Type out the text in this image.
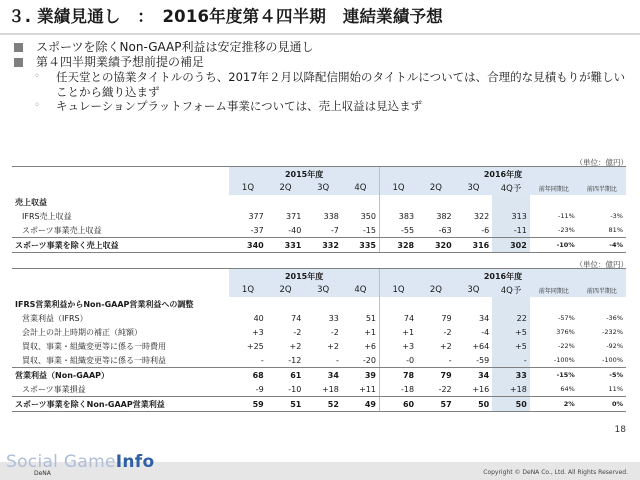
３. 業績見通し　：　2016年度第４四半期　連結業績予想
スポーツを除くNon-GAAP利益は安定推移の見通し
第４四半期業績予想前提の補足
◦ 任天堂との協業タイトルのうち、2017年２月以降配信開始のタイトルについては、合理的な見積もりが難しいことから織り込まず
◦ キュレーションプラットフォーム事業については、売上収益は見込まず
（単位：億円）
	2015年度				2016年度					
	1Q	2Q	3Q	4Q	1Q	2Q	3Q	4Q予	前年同期比	前四半期比
売上収益										
IFRS売上収益	377	371	338	350	383	382	322	313	-11%	-3%
スポーツ事業売上収益	-37	-40	-7	-15	-55	-63	-6	-11	-23%	81%
スポーツ事業を除く売上収益	340	331	332	335	328	320	316	302	-10%	-4%
（単位：億円）
	2015年度				2016年度					
	1Q	2Q	3Q	4Q	1Q	2Q	3Q	4Q予	前年同期比	前四半期比
IFRS営業利益からNon-GAAP営業利益への調整										
営業利益（IFRS）	40	74	33	51	74	79	34	22	-57%	-36%
会計上の計上時期の補正（純額）	+3	-2	-2	+1	+1	-2	-4	+5	376%	-232%
買収、事業・組織変更等に係る一時費用	+25	+2	+2	+6	+3	+2	+64	+5	-22%	-92%
買収、事業・組織変更等に係る一時利益	-	-12	-	-20	-0	-	-59	-	-100%	-100%
営業利益（Non-GAAP）	68	61	34	39	78	79	34	33	-15%	-5%
スポーツ事業損益	-9	-10	+18	+11	-18	-22	+16	+18	64%	11%
スポーツ事業を除くNon-GAAP営業利益	59	51	52	49	60	57	50	50	2%	0%
18
Social GameInfo
DeNA	Copyright © DeNA Co., Ltd. All Rights Reserved.
